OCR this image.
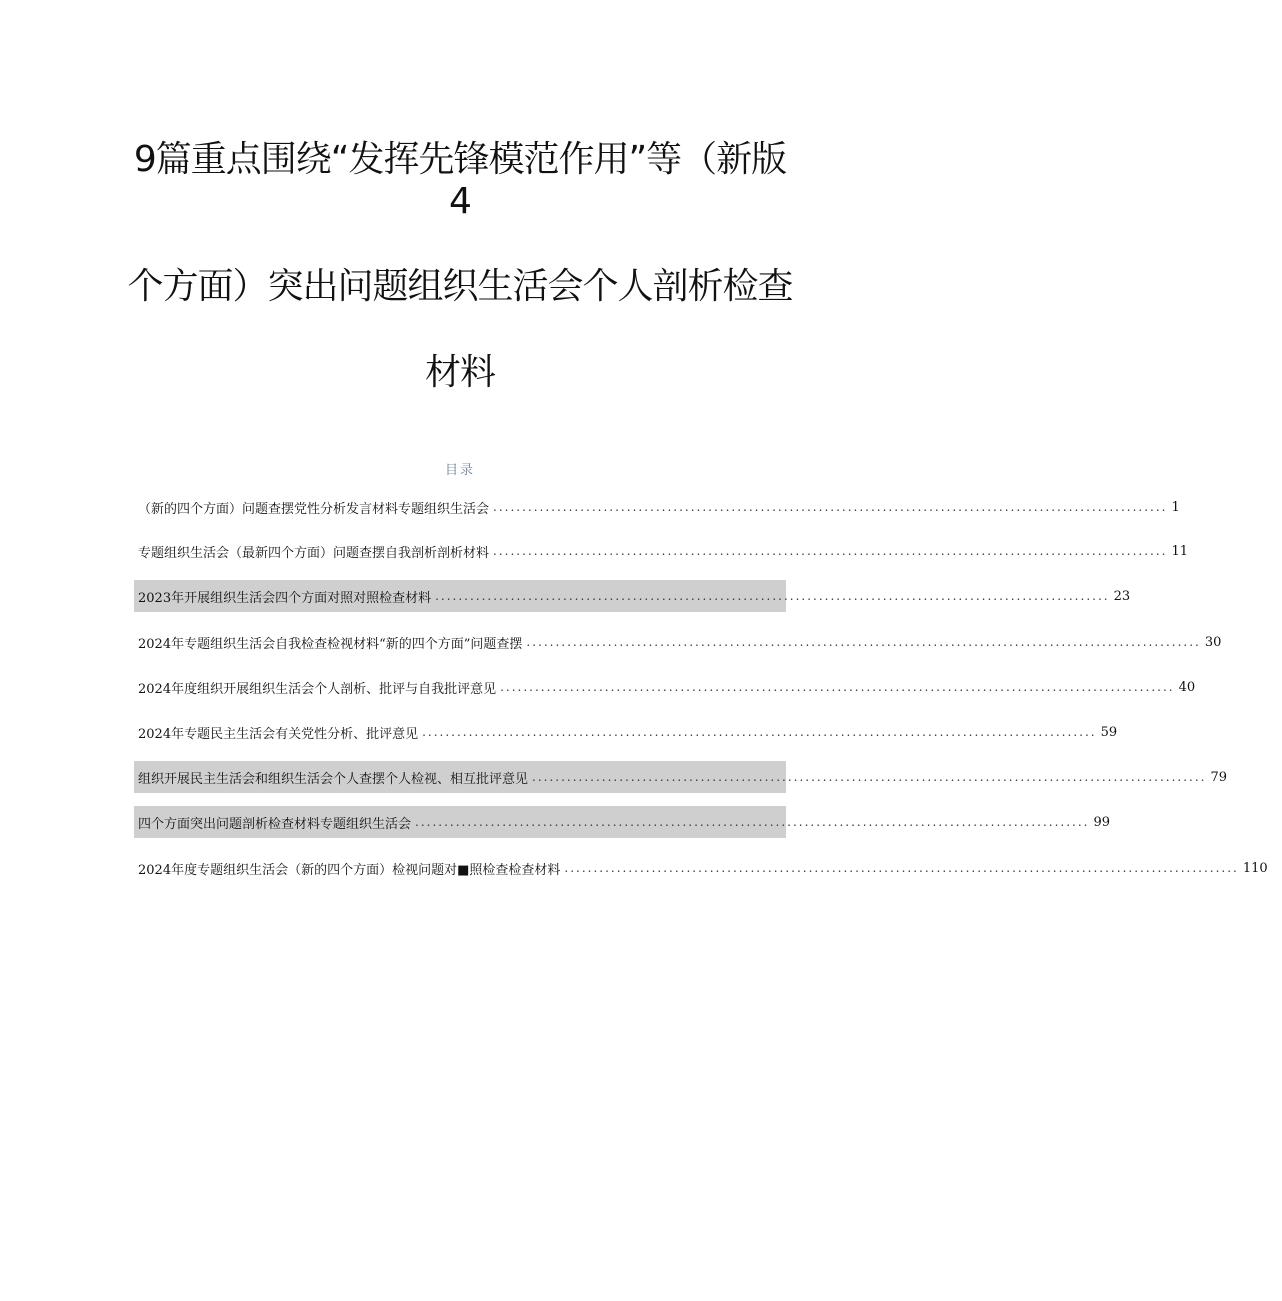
9篇重点围绕“发挥先锋模范作用”等（新版
4
个方面）突出问题组织生活会个人剖析检查
材料
目录
（新的四个方面）问题查摆党性分析发言材料专题组织生活会 .................................................................................................................... 1
专题组织生活会（最新四个方面）问题查摆自我剖析剖析材料 .................................................................................................................... 11
2023年开展组织生活会四个方面对照对照检查材料 .................................................................................................................... 23
2024年专题组织生活会自我检查检视材料“新的四个方面”问题查摆 .................................................................................................................... 30
2024年度组织开展组织生活会个人剖析、批评与自我批评意见 .................................................................................................................... 40
2024年专题民主生活会有关党性分析、批评意见 .................................................................................................................... 59
组织开展民主生活会和组织生活会个人查摆个人检视、相互批评意见 .................................................................................................................... 79
四个方面突出问题剖析检查材料专题组织生活会 .................................................................................................................... 99
2024年度专题组织生活会（新的四个方面）检视问题对■照检查检查材料 .................................................................................................................... 110
